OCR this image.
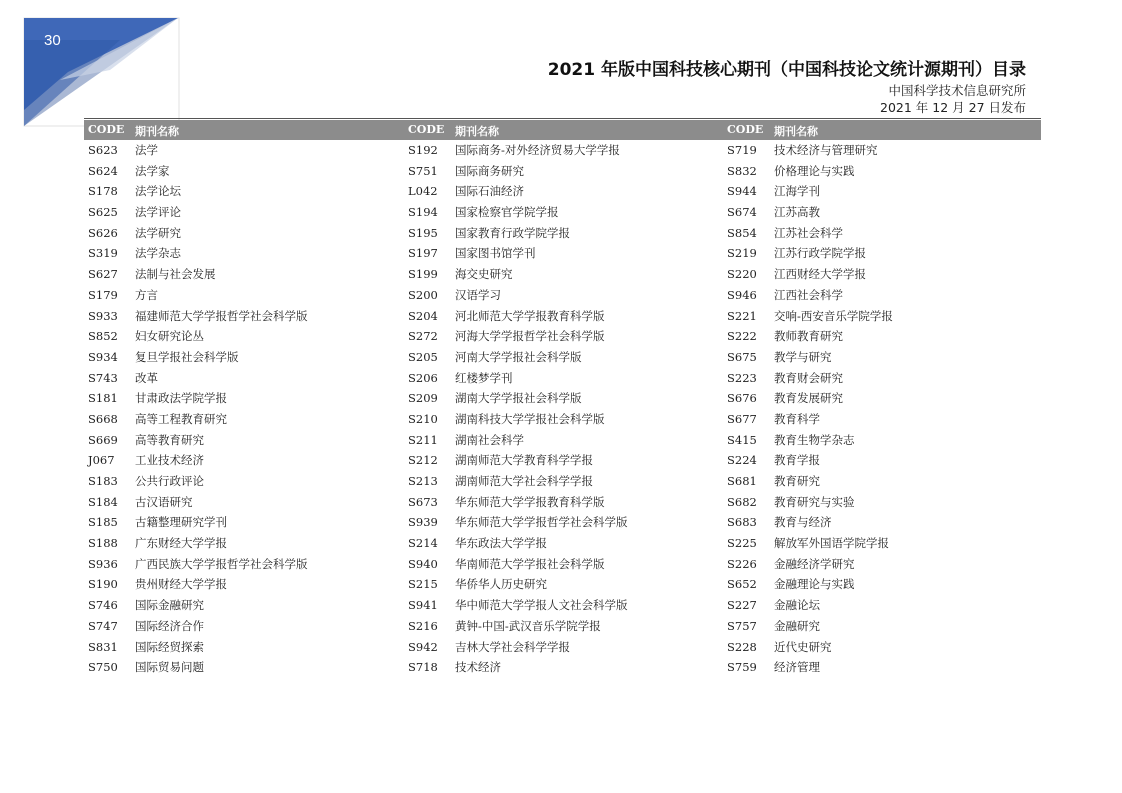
30
2021 年版中国科技核心期刊（中国科技论文统计源期刊）目录
中国科学技术信息研究所
2021 年 12 月 27 日发布
CODE 期刊名称	CODE 期刊名称	CODE 期刊名称
S623	法学	S192	国际商务-对外经济贸易大学学报	S719	技术经济与管理研究
S624	法学家	S751	国际商务研究	S832	价格理论与实践
S178	法学论坛	L042	国际石油经济	S944	江海学刊
S625	法学评论	S194	国家检察官学院学报	S674	江苏高教
S626	法学研究	S195	国家教育行政学院学报	S854	江苏社会科学
S319	法学杂志	S197	国家图书馆学刊	S219	江苏行政学院学报
S627	法制与社会发展	S199	海交史研究	S220	江西财经大学学报
S179	方言	S200	汉语学习	S946	江西社会科学
S933	福建师范大学学报哲学社会科学版	S204	河北师范大学学报教育科学版	S221	交响-西安音乐学院学报
S852	妇女研究论丛	S272	河海大学学报哲学社会科学版	S222	教师教育研究
S934	复旦学报社会科学版	S205	河南大学学报社会科学版	S675	教学与研究
S743	改革	S206	红楼梦学刊	S223	教育财会研究
S181	甘肃政法学院学报	S209	湖南大学学报社会科学版	S676	教育发展研究
S668	高等工程教育研究	S210	湖南科技大学学报社会科学版	S677	教育科学
S669	高等教育研究	S211	湖南社会科学	S415	教育生物学杂志
J067	工业技术经济	S212	湖南师范大学教育科学学报	S224	教育学报
S183	公共行政评论	S213	湖南师范大学社会科学学报	S681	教育研究
S184	古汉语研究	S673	华东师范大学学报教育科学版	S682	教育研究与实验
S185	古籍整理研究学刊	S939	华东师范大学学报哲学社会科学版	S683	教育与经济
S188	广东财经大学学报	S214	华东政法大学学报	S225	解放军外国语学院学报
S936	广西民族大学学报哲学社会科学版	S940	华南师范大学学报社会科学版	S226	金融经济学研究
S190	贵州财经大学学报	S215	华侨华人历史研究	S652	金融理论与实践
S746	国际金融研究	S941	华中师范大学学报人文社会科学版	S227	金融论坛
S747	国际经济合作	S216	黄钟-中国-武汉音乐学院学报	S757	金融研究
S831	国际经贸探索	S942	吉林大学社会科学学报	S228	近代史研究
S750	国际贸易问题	S718	技术经济	S759	经济管理
